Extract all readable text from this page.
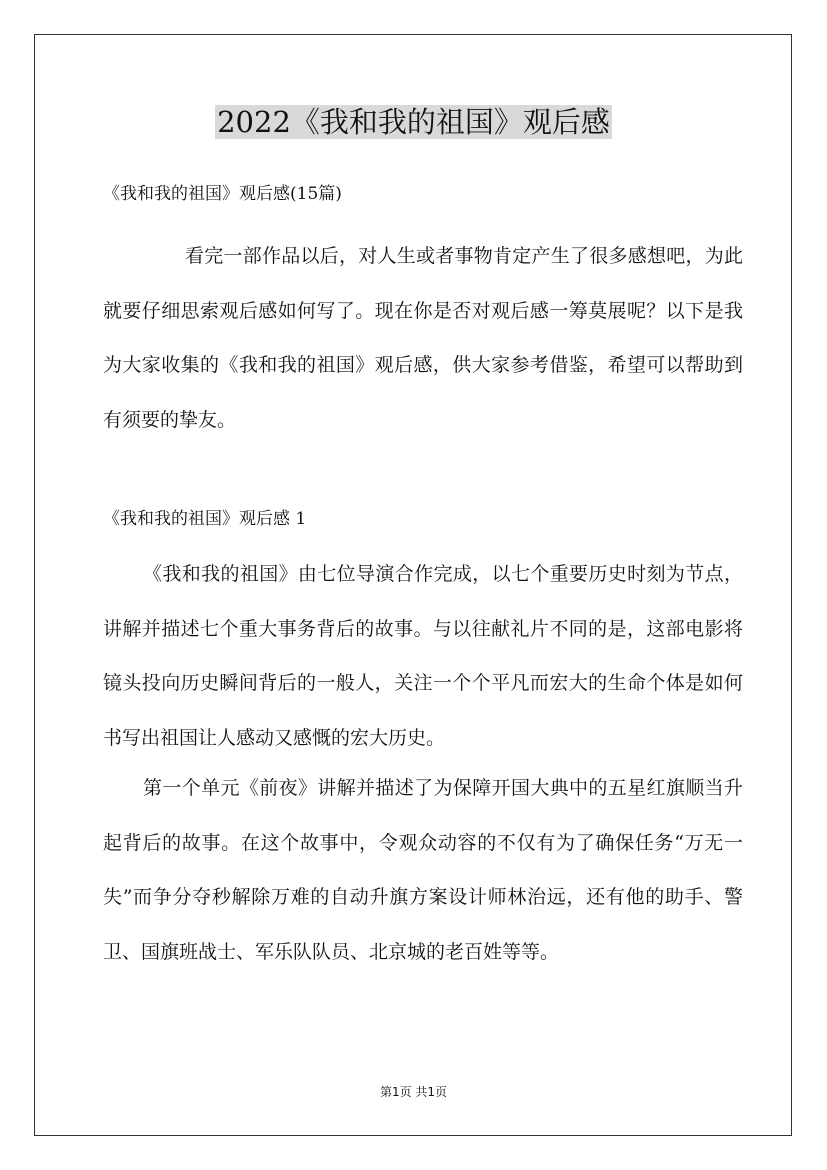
2022《我和我的祖国》观后感
《我和我的祖国》观后感(15篇)

看完一部作品以后，对人生或者事物肯定产生了很多感想吧，为此就要仔细思索观后感如何写了。现在你是否对观后感一筹莫展呢？以下是我为大家收集的《我和我的祖国》观后感，供大家参考借鉴，希望可以帮助到有须要的挚友。

《我和我的祖国》观后感 1

《我和我的祖国》由七位导演合作完成，以七个重要历史时刻为节点，讲解并描述七个重大事务背后的故事。与以往献礼片不同的是，这部电影将镜头投向历史瞬间背后的一般人，关注一个个平凡而宏大的生命个体是如何书写出祖国让人感动又感慨的宏大历史。

第一个单元《前夜》讲解并描述了为保障开国大典中的五星红旗顺当升起背后的故事。在这个故事中，令观众动容的不仅有为了确保任务“万无一失”而争分夺秒解除万难的自动升旗方案设计师林治远，还有他的助手、警卫、国旗班战士、军乐队队员、北京城的老百姓等等。

第1页 共1页
